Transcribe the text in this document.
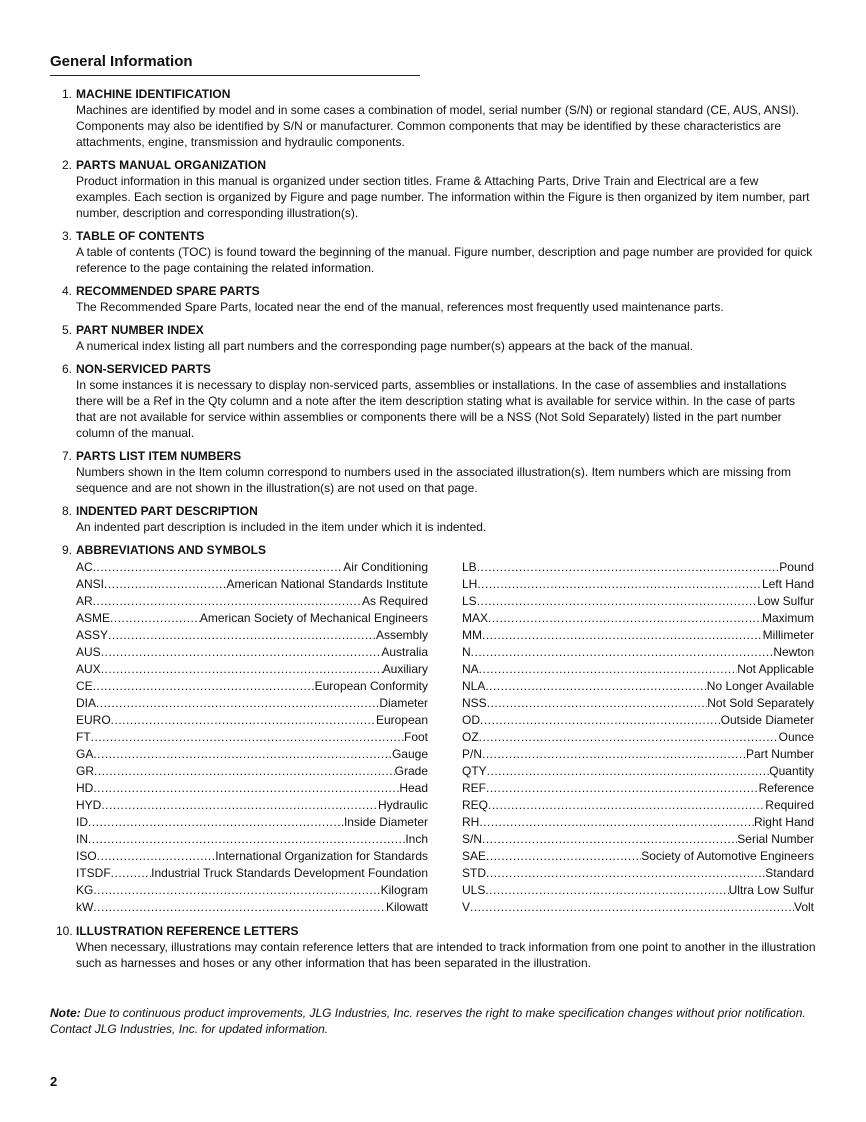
General Information
1. MACHINE IDENTIFICATION
Machines are identified by model and in some cases a combination of model, serial number (S/N) or regional standard (CE, AUS, ANSI). Components may also be identified by S/N or manufacturer. Common components that may be identified by these characteristics are attachments, engine, transmission and hydraulic components.
2. PARTS MANUAL ORGANIZATION
Product information in this manual is organized under section titles. Frame & Attaching Parts, Drive Train and Electrical are a few examples. Each section is organized by Figure and page number. The information within the Figure is then organized by item number, part number, description and corresponding illustration(s).
3. TABLE OF CONTENTS
A table of contents (TOC) is found toward the beginning of the manual. Figure number, description and page number are provided for quick reference to the page containing the related information.
4. RECOMMENDED SPARE PARTS
The Recommended Spare Parts, located near the end of the manual, references most frequently used maintenance parts.
5. PART NUMBER INDEX
A numerical index listing all part numbers and the corresponding page number(s) appears at the back of the manual.
6. NON-SERVICED PARTS
In some instances it is necessary to display non-serviced parts, assemblies or installations. In the case of assemblies and installations there will be a Ref in the Qty column and a note after the item description stating what is available for service within. In the case of parts that are not available for service within assemblies or components there will be a NSS (Not Sold Separately) listed in the part number column of the manual.
7. PARTS LIST ITEM NUMBERS
Numbers shown in the Item column correspond to numbers used in the associated illustration(s). Item numbers which are missing from sequence and are not shown in the illustration(s) are not used on that page.
8. INDENTED PART DESCRIPTION
An indented part description is included in the item under which it is indented.
9. ABBREVIATIONS AND SYMBOLS
AC .....	Air Conditioning
ANSI .....	American National Standards Institute
AR .....	As Required
ASME .....	American Society of Mechanical Engineers
ASSY .....	Assembly
AUS .....	Australia
AUX .....	Auxiliary
CE .....	European Conformity
DIA .....	Diameter
EURO .....	European
FT .....	Foot
GA .....	Gauge
GR .....	Grade
HD .....	Head
HYD .....	Hydraulic
ID .....	Inside Diameter
IN .....	Inch
ISO .....	International Organization for Standards
ITSDF .....	Industrial Truck Standards Development Foundation
KG .....	Kilogram
kW .....	Kilowatt
LB .....	Pound
LH .....	Left Hand
LS .....	Low Sulfur
MAX .....	Maximum
MM .....	Millimeter
N .....	Newton
NA .....	Not Applicable
NLA .....	No Longer Available
NSS .....	Not Sold Separately
OD .....	Outside Diameter
OZ .....	Ounce
P/N .....	Part Number
QTY .....	Quantity
REF .....	Reference
REQ .....	Required
RH .....	Right Hand
S/N .....	Serial Number
SAE .....	Society of Automotive Engineers
STD .....	Standard
ULS .....	Ultra Low Sulfur
V .....	Volt
10. ILLUSTRATION REFERENCE LETTERS
When necessary, illustrations may contain reference letters that are intended to track information from one point to another in the illustration such as harnesses and hoses or any other information that has been separated in the illustration.
Note: Due to continuous product improvements, JLG Industries, Inc. reserves the right to make specification changes without prior notification. Contact JLG Industries, Inc. for updated information.
2
